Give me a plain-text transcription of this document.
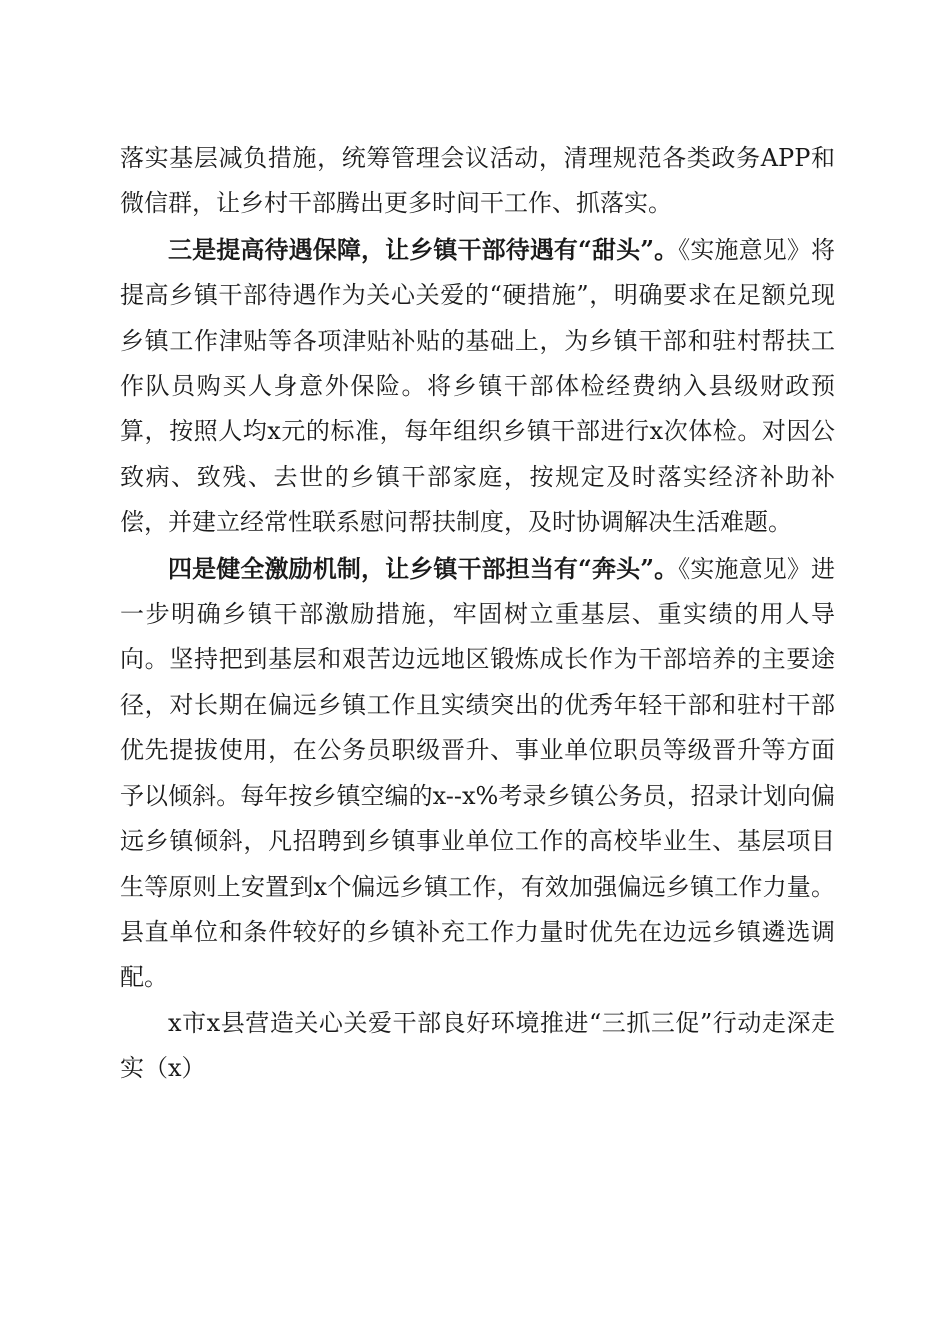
落实基层减负措施，统筹管理会议活动，清理规范各类政务APP和微信群，让乡村干部腾出更多时间干工作、抓落实。

三是提高待遇保障，让乡镇干部待遇有“甜头”。《实施意见》将提高乡镇干部待遇作为关心关爱的“硬措施”，明确要求在足额兑现乡镇工作津贴等各项津贴补贴的基础上，为乡镇干部和驻村帮扶工作队员购买人身意外保险。将乡镇干部体检经费纳入县级财政预算，按照人均x元的标准，每年组织乡镇干部进行x次体检。对因公致病、致残、去世的乡镇干部家庭，按规定及时落实经济补助补偿，并建立经常性联系慰问帮扶制度，及时协调解决生活难题。

四是健全激励机制，让乡镇干部担当有“奔头”。《实施意见》进一步明确乡镇干部激励措施，牢固树立重基层、重实绩的用人导向。坚持把到基层和艰苦边远地区锻炼成长作为干部培养的主要途径，对长期在偏远乡镇工作且实绩突出的优秀年轻干部和驻村干部优先提拔使用，在公务员职级晋升、事业单位职员等级晋升等方面予以倾斜。每年按乡镇空编的x--x%考录乡镇公务员，招录计划向偏远乡镇倾斜，凡招聘到乡镇事业单位工作的高校毕业生、基层项目生等原则上安置到x个偏远乡镇工作，有效加强偏远乡镇工作力量。县直单位和条件较好的乡镇补充工作力量时优先在边远乡镇遴选调配。

x市x县营造关心关爱干部良好环境推进“三抓三促”行动走深走实（x）
